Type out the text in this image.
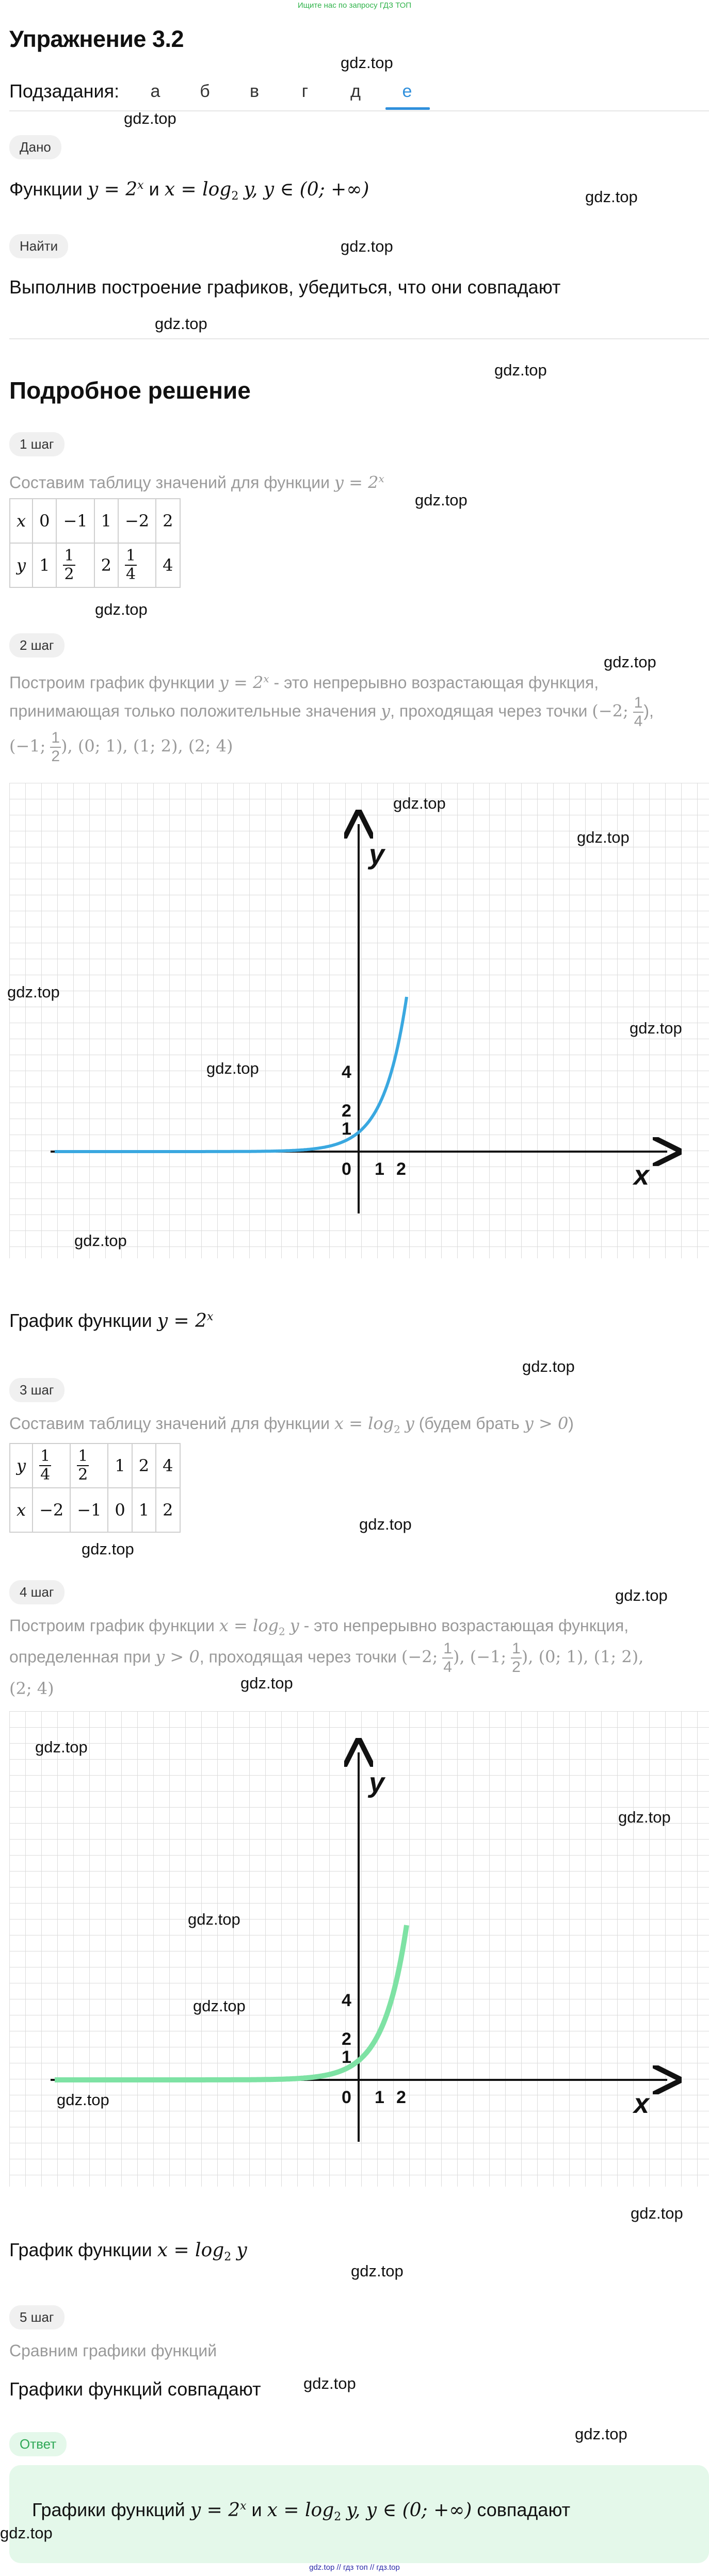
Ищите нас по запросу ГДЗ ТОП
Упражнение 3.2
gdz.top
Подзадания:	а	б	в	г	д	е
gdz.top
Дано
Функции $y = 2^x$ и $x = \log_2 y$, y ∈ (0; +∞)	gdz.top
Найти	gdz.top
Выполнив построение графиков, убедиться, что они совпадают
gdz.top
gdz.top
Подробное решение
1 шаг
Составим таблицу значений для функции $y = 2^x$
gdz.top
x	0	−1	1	−2	2
y	1	$\frac{1}{2}$	2	$\frac{1}{4}$	4
gdz.top
2 шаг
gdz.top
Построим график функции $y = 2^x$ - это непрерывно возрастающая функция,
принимающая только положительные значения y, проходящая через точки (−2; $\frac{1}{4}$ ),
(−1; $\frac{1}{2}$ ), (0; 1), (1; 2), (2; 4)
y
x
1
2
4
0 1 2
gdz.top
gdz.top
gdz.top
gdz.top
gdz.top
gdz.top
График функции $y = 2^x$
gdz.top
3 шаг
Составим таблицу значений для функции $x = \log_2 y$ (будем брать y > 0)
y	$\frac{1}{4}$	$\frac{1}{2}$	1	2	4
x	−2	−1	0	1	2
gdz.top
gdz.top
4 шаг	gdz.top
Построим график функции $x = \log_2 y$ - это непрерывно возрастающая функция,
определенная при y > 0, проходящая через точки (−2; $\frac{1}{4}$ ), (−1; $\frac{1}{2}$ ), (0; 1), (1; 2),
(2; 4)	gdz.top
y
x
1
2
4
0 1 2
gdz.top
gdz.top
gdz.top
gdz.top
gdz.top
gdz.top
График функции $x = \log_2 y$
gdz.top
5 шаг
Сравним графики функций
gdz.top
Графики функций совпадают
gdz.top
Ответ
Графики функций $y = 2^x$ и $x = \log_2 y$, y ∈ (0; +∞) совпадают
gdz.top
gdz.top // гдз топ // гдз.top
